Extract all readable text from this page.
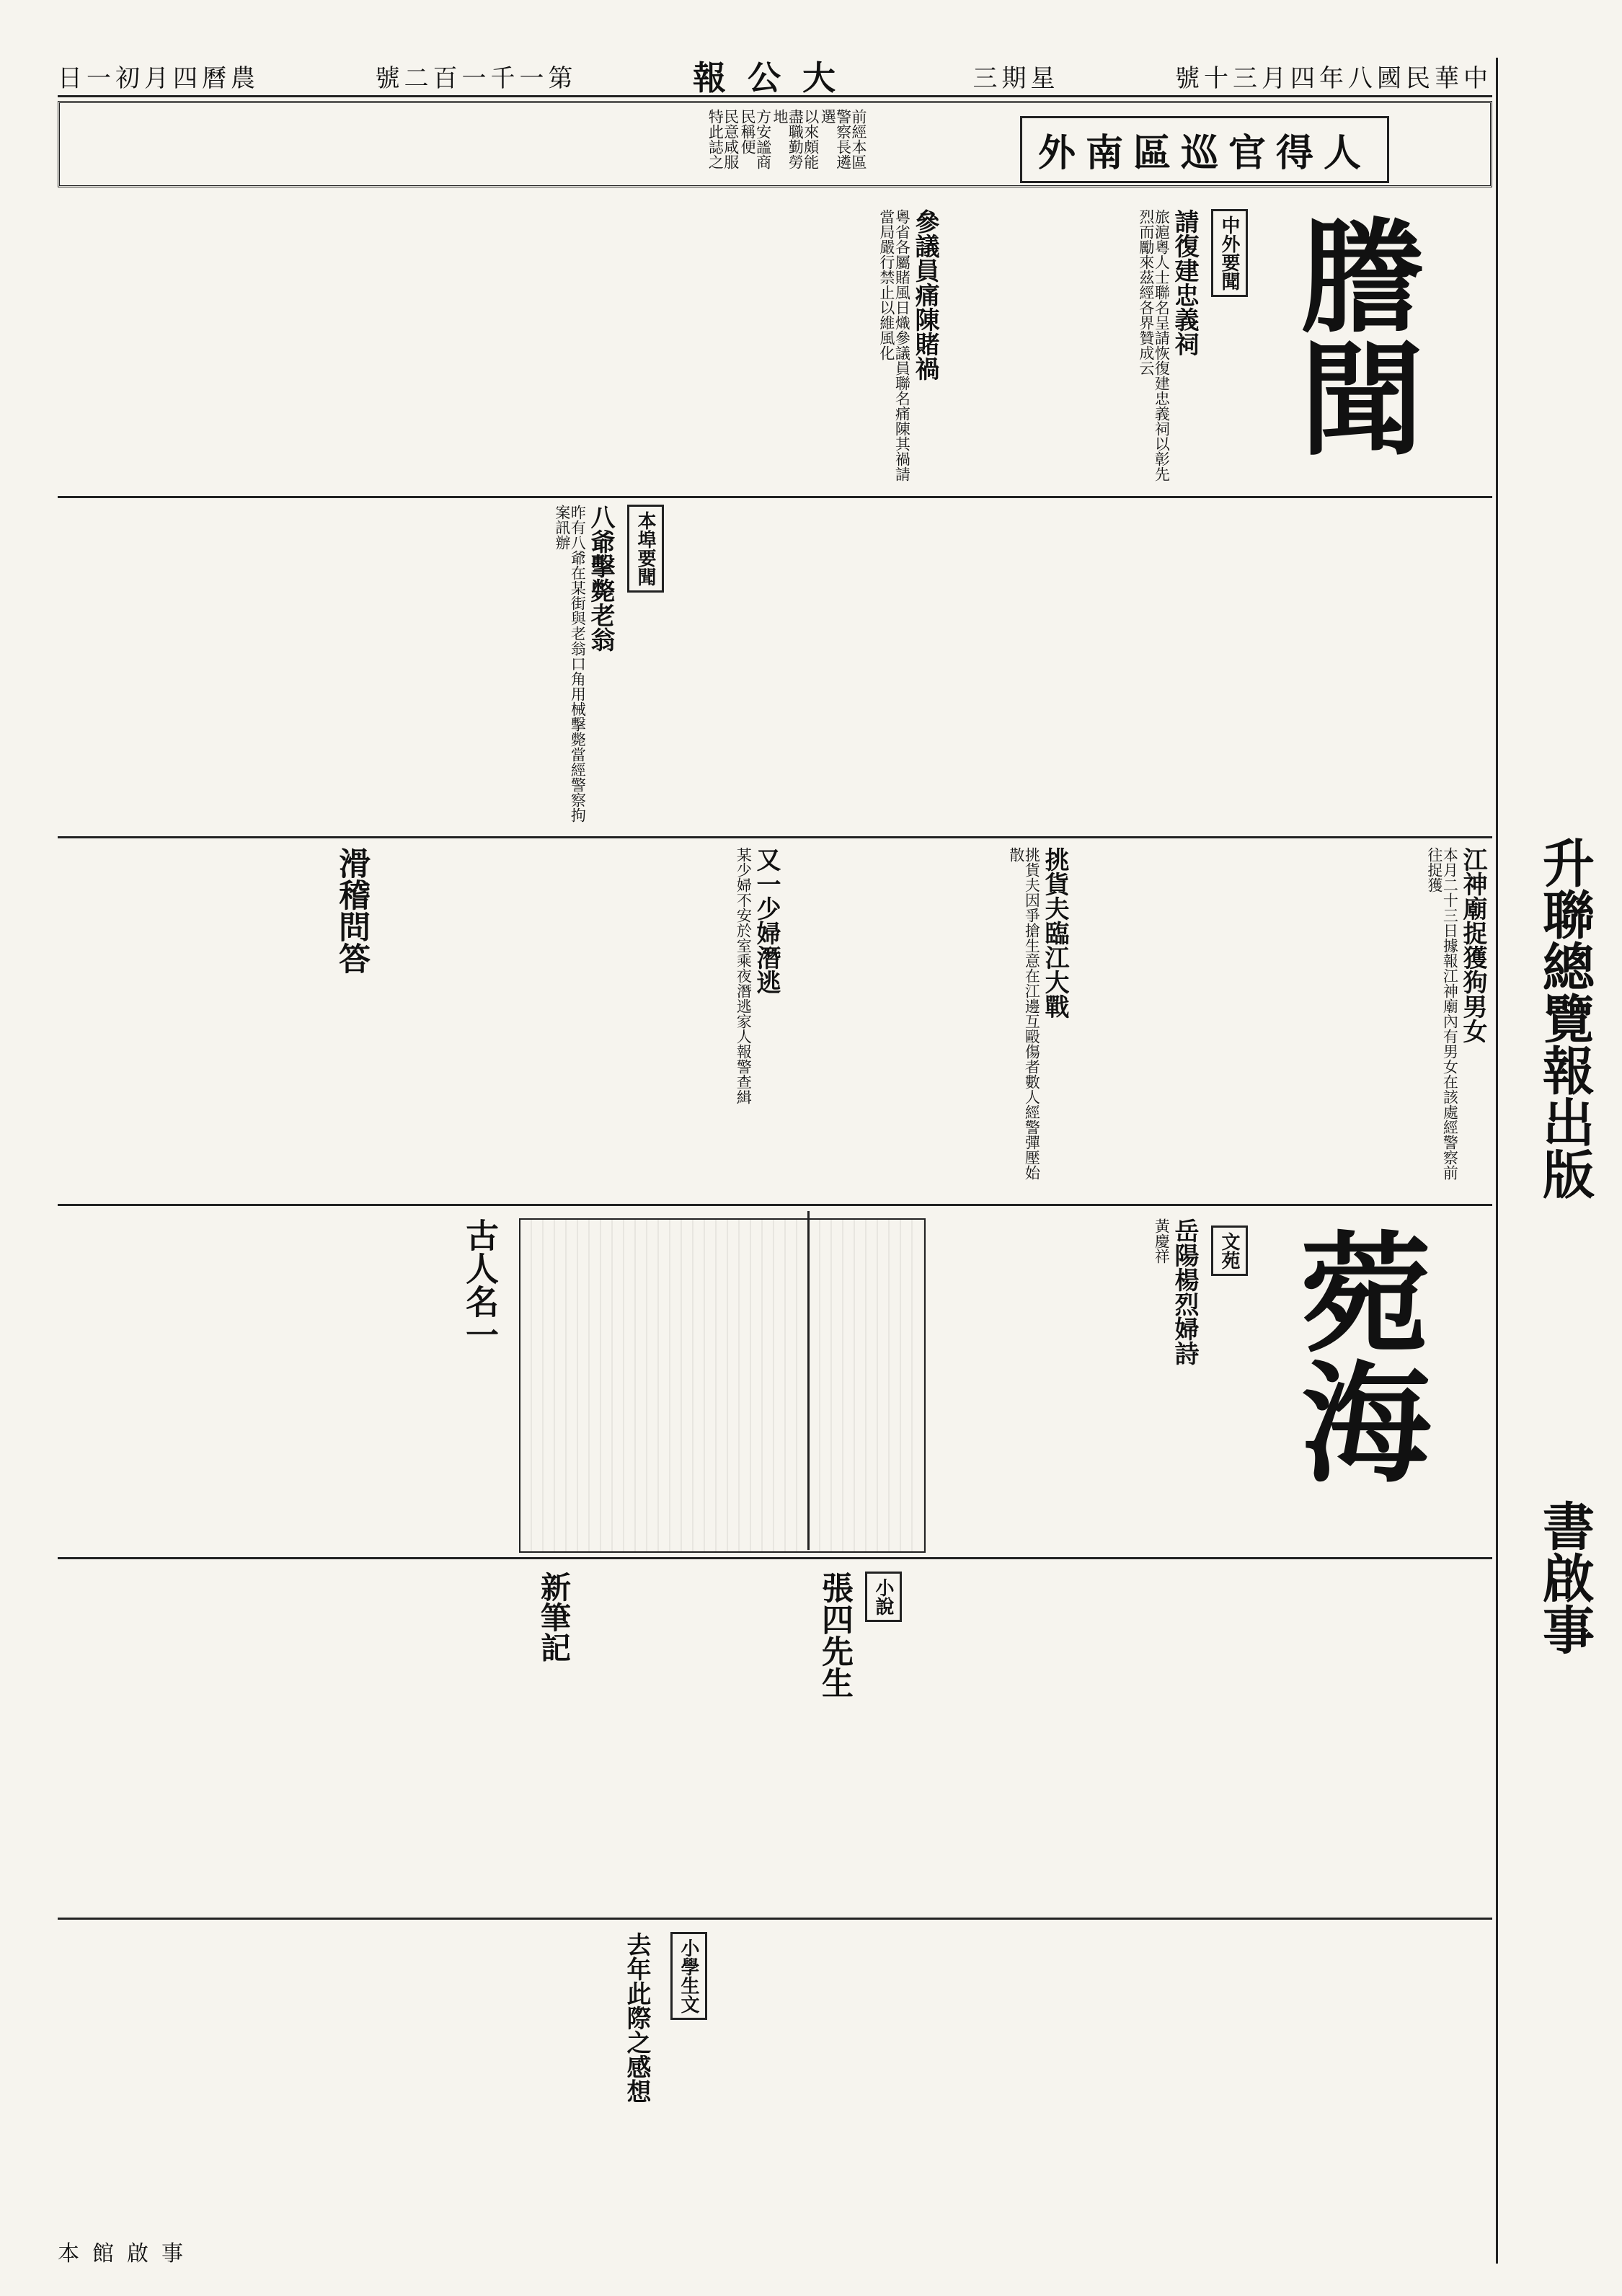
號十三月四年八國民華中
三期星
報公大
號二百一千一第
日一初月四曆農
外南區巡官得人
前經本區警察長遴選
以來頗能盡職勤勞地
方安謐商民稱便
民意咸服特此誌之
謄聞
中外要聞
請復建忠義祠
旅滬粵人士聯名呈請恢復建忠義祠以彰先烈而勵來茲經各界贊成云
參議員痛陳賭禍
粵省各屬賭風日熾參議員聯名痛陳其禍請當局嚴行禁止以維風化
本埠要聞
八爺擊斃老翁
昨有八爺在某街與老翁口角用械擊斃當經警察拘案訊辦
江神廟捉獲狗男女
本月二十三日據報江神廟內有男女在該處經警察前往捉獲
挑貨夫臨江大戰
挑貨夫因爭搶生意在江邊互毆傷者數人經警彈壓始散
又一少婦潛逃
某少婦不安於室乘夜潛逃家人報警查緝
滑稽問答
菀海
文苑
岳陽楊烈婦詩
黃慶祥
古人名一
小說
張四先生
新筆記
小學生文
去年此際之感想
升聯總覽報出版
書啟事
本館啟事
